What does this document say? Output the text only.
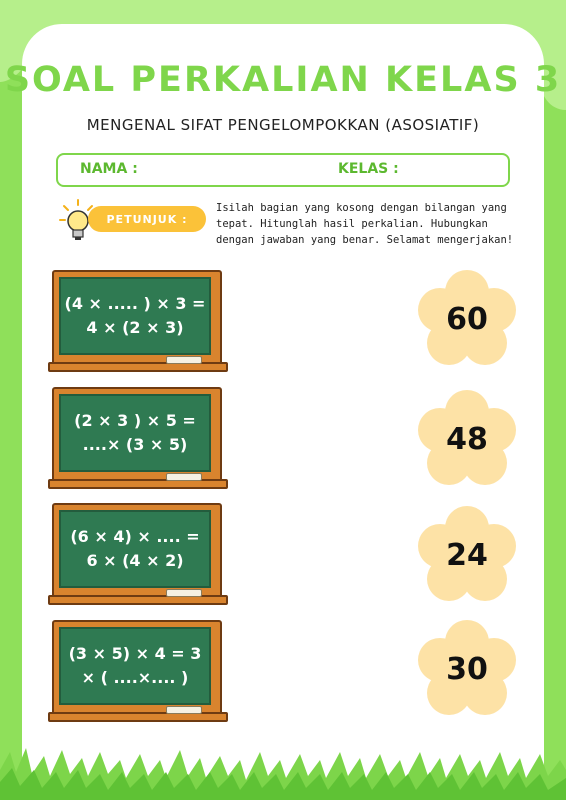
SOAL PERKALIAN KELAS 3
MENGENAL SIFAT PENGELOMPOKKAN (ASOSIATIF)
NAMA :	KELAS :
PETUNJUK :
Isilah bagian yang kosong dengan bilangan yang tepat. Hitunglah hasil perkalian. Hubungkan dengan jawaban yang benar. Selamat mengerjakan!
(4 × ..... ) × 3 =
4 × (2 × 3)
(2 × 3 ) × 5 =
....× (3 × 5)
(6 × 4) × .... =
6 × (4 × 2)
(3 × 5) × 4 = 3
× ( ....×.... )
60
48
24
30
